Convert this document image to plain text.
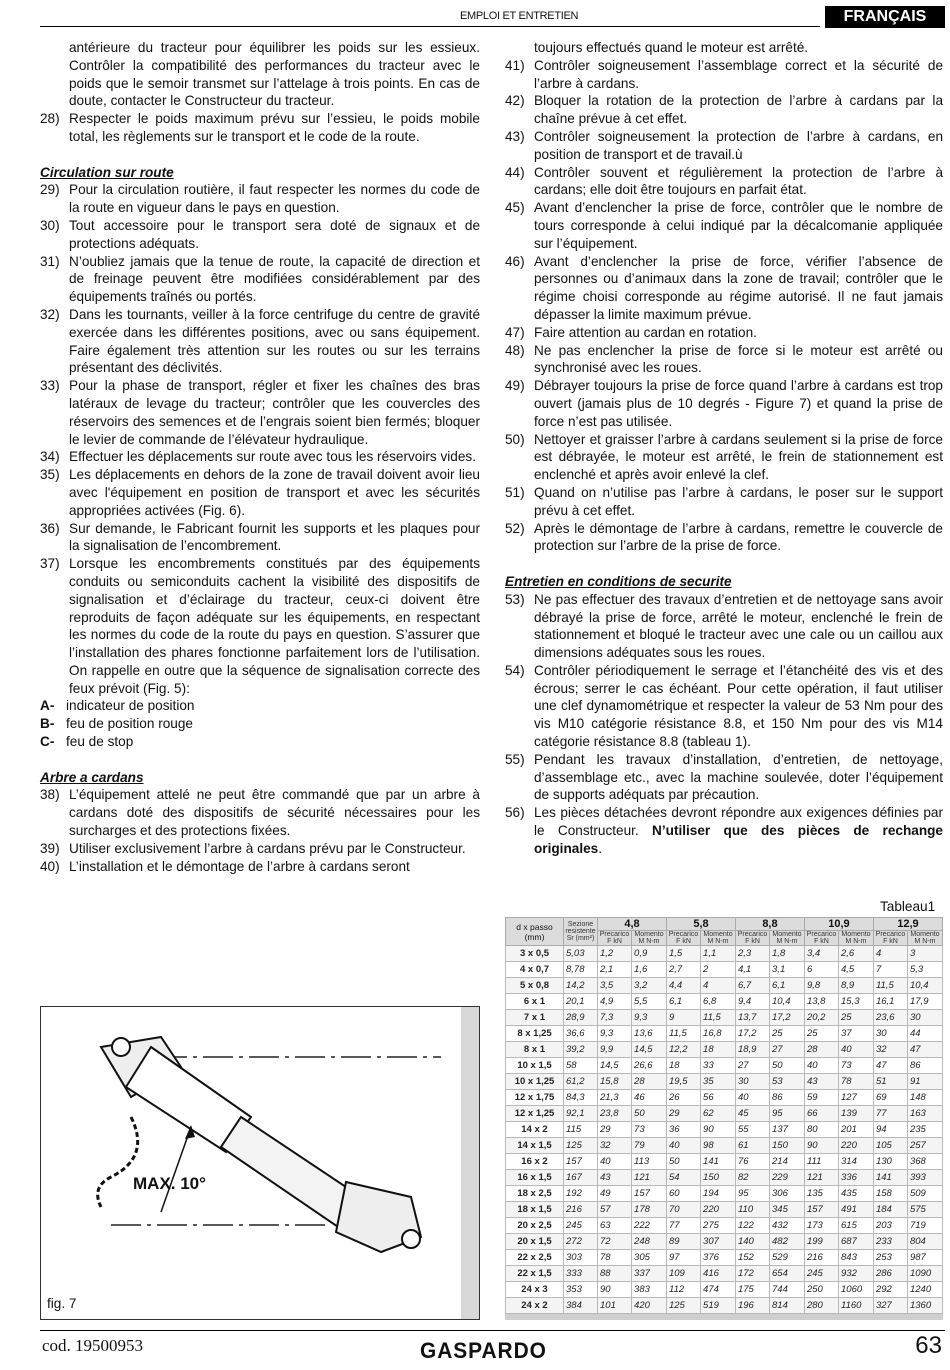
EMPLOI ET ENTRETIEN	FRANÇAIS
antérieure du tracteur pour équilibrer les poids sur les essieux. Contrôler la compatibilité des performances du tracteur avec le poids que le semoir transmet sur l’attelage à trois points. En cas de doute, contacter le Constructeur du tracteur.
28) Respecter le poids maximum prévu sur l’essieu, le poids mobile total, les règlements sur le transport et le code de la route.
Circulation sur route
29) Pour la circulation routière, il faut respecter les normes du code de la route en vigueur dans le pays en question.
30) Tout accessoire pour le transport sera doté de signaux et de protections adéquats.
31) N’oubliez jamais que la tenue de route, la capacité de direction et de freinage peuvent être modifiées considérablement par des équipements traînés ou portés.
32) Dans les tournants, veiller à la force centrifuge du centre de gravité exercée dans les différentes positions, avec ou sans équipement. Faire également très attention sur les routes ou sur les terrains présentant des déclivités.
33) Pour la phase de transport, régler et fixer les chaînes des bras latéraux de levage du tracteur; contrôler que les couvercles des réservoirs des semences et de l’engrais soient bien fermés; bloquer le levier de commande de l’élévateur hydraulique.
34) Effectuer les déplacements sur route avec tous les réservoirs vides.
35) Les déplacements en dehors de la zone de travail doivent avoir lieu avec l'équipement en position de transport et avec les sécurités appropriées activées (Fig. 6).
36) Sur demande, le Fabricant fournit les supports et les plaques pour la signalisation de l’encombrement.
37) Lorsque les encombrements constitués par des équipements conduits ou semiconduits cachent la visibilité des dispositifs de signalisation et d’éclairage du tracteur, ceux-ci doivent être reproduits de façon adéquate sur les équipements, en respectant les normes du code de la route du pays en question. S’assurer que l’installation des phares fonctionne parfaitement lors de l’utilisation. On rappelle en outre que la séquence de signalisation correcte des feux prévoit (Fig. 5):
A- indicateur de position
B- feu de position rouge
C- feu de stop
Arbre a cardans
38) L’équipement attelé ne peut être commandé que par un arbre à cardans doté des dispositifs de sécurité nécessaires pour les surcharges et des protections fixées.
39) Utiliser exclusivement l’arbre à cardans prévu par le Constructeur.
40) L’installation et le démontage de l’arbre à cardans seront
toujours effectués quand le moteur est arrêté.
41) Contrôler soigneusement l’assemblage correct et la sécurité de l’arbre à cardans.
42) Bloquer la rotation de la protection de l’arbre à cardans par la chaîne prévue à cet effet.
43) Contrôler soigneusement la protection de l’arbre à cardans, en position de transport et de travail.ù
44) Contrôler souvent et régulièrement la protection de l’arbre à cardans; elle doit être toujours en parfait état.
45) Avant d’enclencher la prise de force, contrôler que le nombre de tours corresponde à celui indiqué par la décalcomanie appliquée sur l’équipement.
46) Avant d’enclencher la prise de force, vérifier l’absence de personnes ou d’animaux dans la zone de travail; contrôler que le régime choisi corresponde au régime autorisé. Il ne faut jamais dépasser la limite maximum prévue.
47) Faire attention au cardan en rotation.
48) Ne pas enclencher la prise de force si le moteur est arrêté ou synchronisé avec les roues.
49) Débrayer toujours la prise de force quand l’arbre à cardans est trop ouvert (jamais plus de 10 degrés - Figure 7) et quand la prise de force n’est pas utilisée.
50) Nettoyer et graisser l’arbre à cardans seulement si la prise de force est débrayée, le moteur est arrêté, le frein de stationnement est enclenché et après avoir enlevé la clef.
51) Quand on n’utilise pas l’arbre à cardans, le poser sur le support prévu à cet effet.
52) Après le démontage de l’arbre à cardans, remettre le couvercle de protection sur l’arbre de la prise de force.
Entretien en conditions de securite
53) Ne pas effectuer des travaux d’entretien et de nettoyage sans avoir débrayé la prise de force, arrêté le moteur, enclenché le frein de stationnement et bloqué le tracteur avec une cale ou un caillou aux dimensions adéquates sous les roues.
54) Contrôler périodiquement le serrage et l’étanchéité des vis et des écrous; serrer le cas échéant. Pour cette opération, il faut utiliser une clef dynamométrique et respecter la valeur de 53 Nm pour des vis M10 catégorie résistance 8.8, et 150 Nm pour des vis M14 catégorie résistance 8.8 (tableau 1).
55) Pendant les travaux d’installation, d’entretien, de nettoyage, d’assemblage etc., avec la machine soulevée, doter l’équipement de supports adéquats par précaution.
56) Les pièces détachées devront répondre aux exigences définies par le Constructeur. N’utiliser que des pièces de rechange originales.
Tableau1
d x passo (mm)	Sezione resistente Sr (mm²)	4,8		5,8		8,8		10,9		12,9	
		Precarico F kN	Momento M N-m	Precarico F kN	Momento M N-m	Precarico F kN	Momento M N-m	Precarico F kN	Momento M N-m	Precarico F kN	Momento M N-m
3 x 0,5	5,03	1,2	0,9	1,5	1,1	2,3	1,8	3,4	2,6	4	3
4 x 0,7	8,78	2,1	1,6	2,7	2	4,1	3,1	6	4,5	7	5,3
5 x 0,8	14,2	3,5	3,2	4,4	4	6,7	6,1	9,8	8,9	11,5	10,4
6 x 1	20,1	4,9	5,5	6,1	6,8	9,4	10,4	13,8	15,3	16,1	17,9
7 x 1	28,9	7,3	9,3	9	11,5	13,7	17,2	20,2	25	23,6	30
8 x 1,25	36,6	9,3	13,6	11,5	16,8	17,2	25	25	37	30	44
8 x 1	39,2	9,9	14,5	12,2	18	18,9	27	28	40	32	47
10 x 1,5	58	14,5	26,6	18	33	27	50	40	73	47	86
10 x 1,25	61,2	15,8	28	19,5	35	30	53	43	78	51	91
12 x 1,75	84,3	21,3	46	26	56	40	86	59	127	69	148
12 x 1,25	92,1	23,8	50	29	62	45	95	66	139	77	163
14 x 2	115	29	73	36	90	55	137	80	201	94	235
14 x 1,5	125	32	79	40	98	61	150	90	220	105	257
16 x 2	157	40	113	50	141	76	214	111	314	130	368
16 x 1,5	167	43	121	54	150	82	229	121	336	141	393
18 x 2,5	192	49	157	60	194	95	306	135	435	158	509
18 x 1,5	216	57	178	70	220	110	345	157	491	184	575
20 x 2,5	245	63	222	77	275	122	432	173	615	203	719
20 x 1,5	272	72	248	89	307	140	482	199	687	233	804
22 x 2,5	303	78	305	97	376	152	529	216	843	253	987
22 x 1,5	333	88	337	109	416	172	654	245	932	286	1090
24 x 3	353	90	383	112	474	175	744	250	1060	292	1240
24 x 2	384	101	420	125	519	196	814	280	1160	327	1360
MAX. 10°
fig. 7
cod. 19500953	GASPARDO	63
